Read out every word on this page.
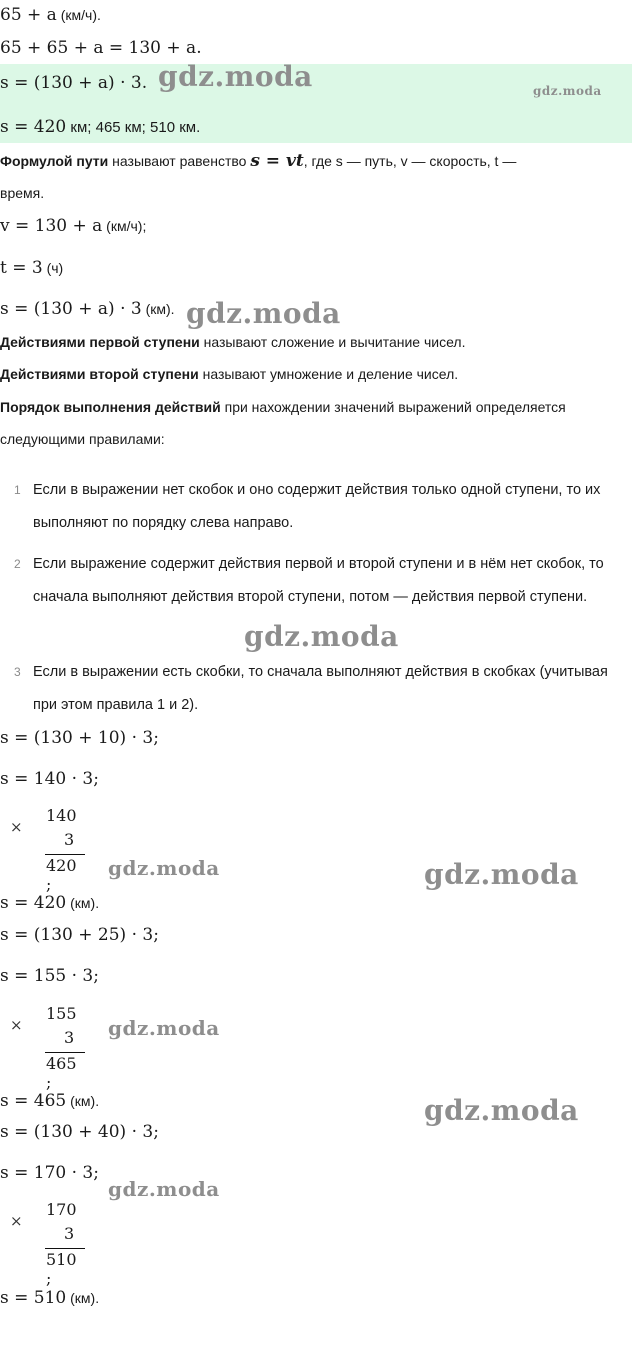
65 + a (км/ч).
65 + 65 + a = 130 + a.
s = (130 + a) · 3.
s = 420 км; 465 км; 510 км.
Формулой пути называют равенство s = vt, где s — путь, v — скорость, t —
время.
v = 130 + a (км/ч);
t = 3 (ч)
s = (130 + a) · 3 (км).
Действиями первой ступени называют сложение и вычитание чисел.
Действиями второй ступени называют умножение и деление чисел.
Порядок выполнения действий при нахождении значений выражений определяется следующими правилами:
1 Если в выражении нет скобок и оно содержит действия только одной ступени, то их выполняют по порядку слева направо.
2 Если выражение содержит действия первой и второй ступени и в нём нет скобок, то сначала выполняют действия второй ступени, потом — действия первой ступени.
3 Если в выражении есть скобки, то сначала выполняют действия в скобках (учитывая при этом правила 1 и 2).
s = (130 + 10) · 3;
s = 140 · 3;
×
140
3
420 ;
s = 420 (км).
s = (130 + 25) · 3;
s = 155 · 3;
×
155
3
465 ;
s = 465 (км).
s = (130 + 40) · 3;
s = 170 · 3;
×
170
3
510 ;
s = 510 (км).
gdz.moda	gdz.moda
gdz.moda
gdz.moda
gdz.moda	gdz.moda
gdz.moda
gdz.moda
gdz.moda
